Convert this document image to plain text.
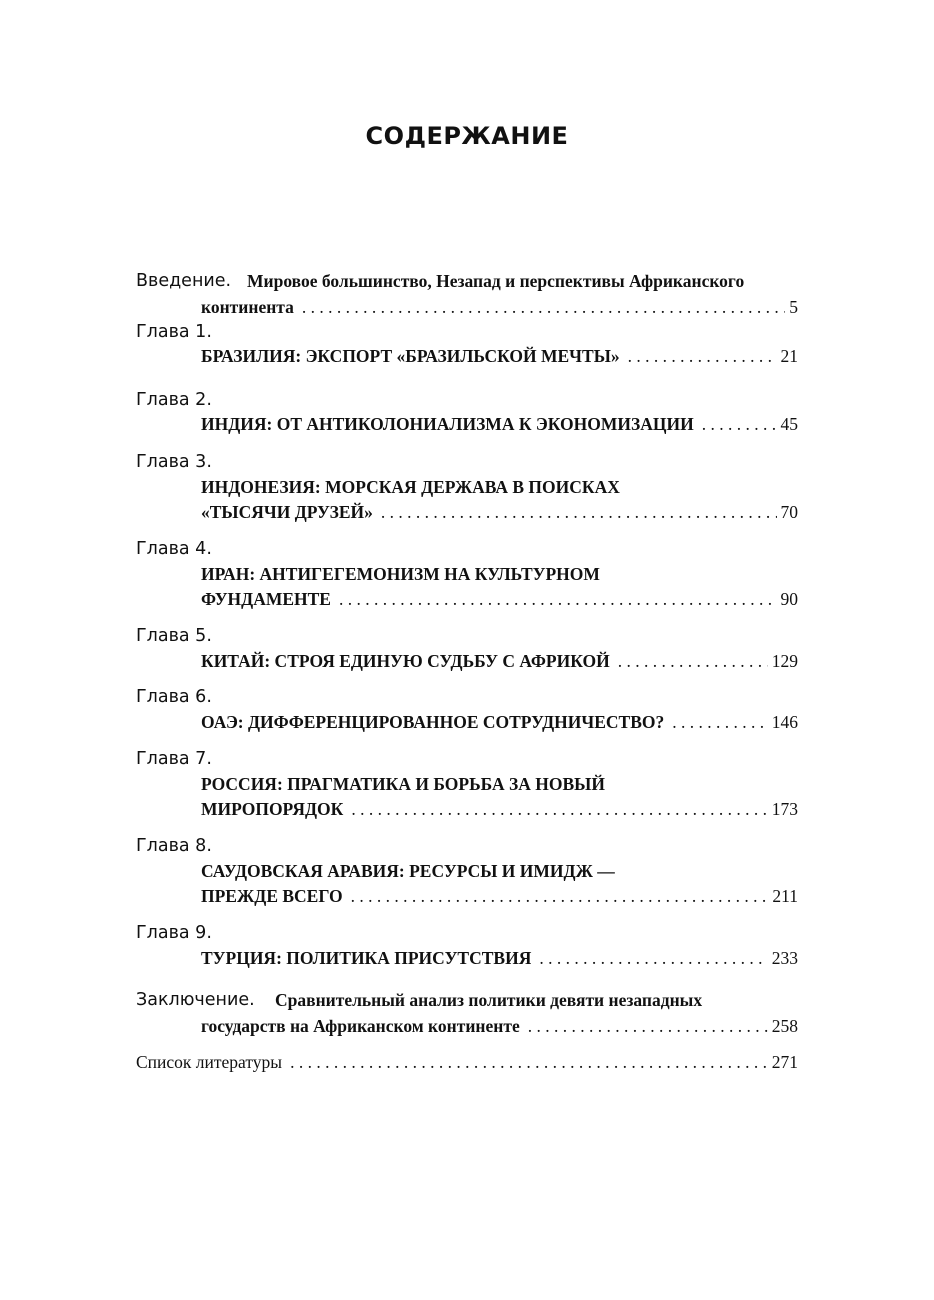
СОДЕРЖАНИЕ
Введение. Мировое большинство, Незапад и перспективы Африканского
континента . . .	5
Глава 1.
БРАЗИЛИЯ: ЭКСПОРТ «БРАЗИЛЬСКОЙ МЕЧТЫ» . . .	21
Глава 2.
ИНДИЯ: ОТ АНТИКОЛОНИАЛИЗМА К ЭКОНОМИЗАЦИИ . . .	45
Глава 3.
ИНДОНЕЗИЯ: МОРСКАЯ ДЕРЖАВА В ПОИСКАХ
«ТЫСЯЧИ ДРУЗЕЙ» . . .	70
Глава 4.
ИРАН: АНТИГЕГЕМОНИЗМ НА КУЛЬТУРНОМ
ФУНДАМЕНТЕ . . .	90
Глава 5.
КИТАЙ: СТРОЯ ЕДИНУЮ СУДЬБУ С АФРИКОЙ . . .	129
Глава 6.
ОАЭ: ДИФФЕРЕНЦИРОВАННОЕ СОТРУДНИЧЕСТВО? . . .	146
Глава 7.
РОССИЯ: ПРАГМАТИКА И БОРЬБА ЗА НОВЫЙ
МИРОПОРЯДОК . . .	173
Глава 8.
САУДОВСКАЯ АРАВИЯ: РЕСУРСЫ И ИМИДЖ —
ПРЕЖДЕ ВСЕГО . . .	211
Глава 9.
ТУРЦИЯ: ПОЛИТИКА ПРИСУТСТВИЯ . . .	233
Заключение. Сравнительный анализ политики девяти незападных
государств на Африканском континенте . . .	258
Список литературы . . .	271
